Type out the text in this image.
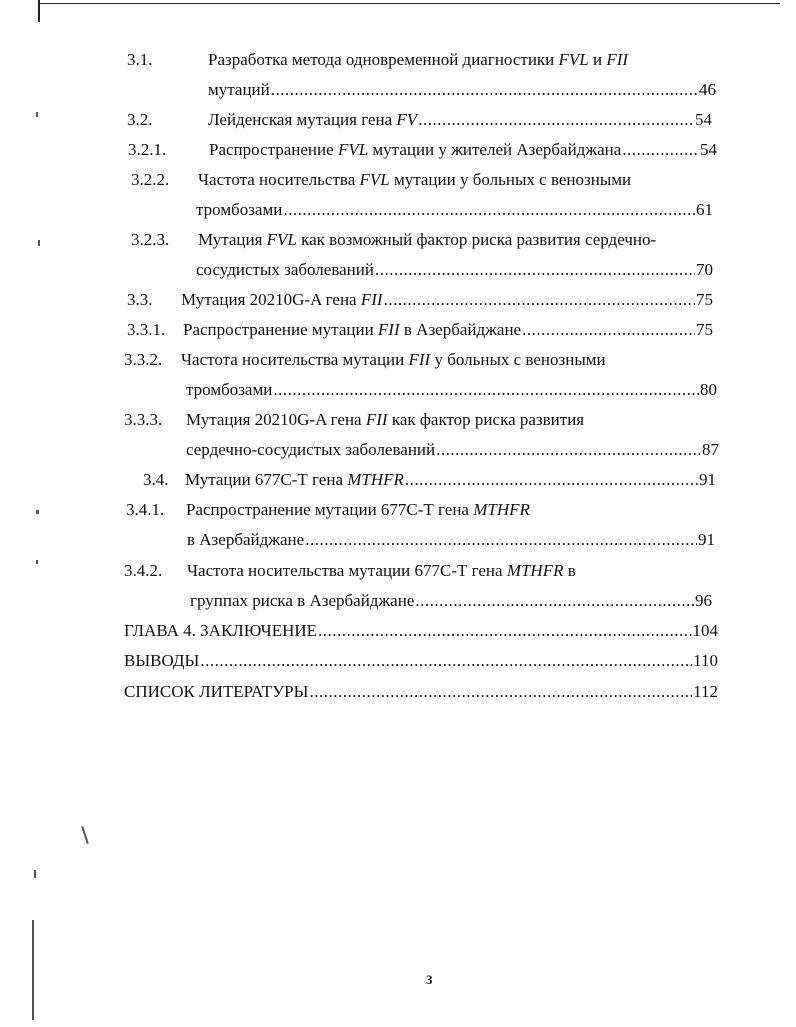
3.1.	Разработка метода одновременной диагностики FVL и FII
мутаций .....	46
3.2.	Лейденская мутация гена FV .....	54
3.2.1.	Распространение FVL мутации у жителей Азербайджана .....	54
3.2.2. Частота носительства FVL мутации у больных с венозными
тромбозами .....	61
3.2.3. Мутация FVL как возможный фактор риска развития сердечно-
сосудистых заболеваний .....	70
3.3. Мутация 20210G-A гена FII .....	75
3.3.1. Распространение мутации FII в Азербайджане .....	75
3.3.2. Частота носительства мутации FII у больных с венозными
тромбозами .....	80
3.3.3. Мутация 20210G-A гена FII как фактор риска развития
сердечно-сосудистых заболеваний .....	87
3.4. Мутации 677С-Т гена MTHFR .....	91
3.4.1. Распространение мутации 677С-Т гена MTHFR
в Азербайджане .....	91
3.4.2. Частота носительства мутации 677С-Т гена MTHFR в
группах риска в Азербайджане .....	96
ГЛАВА 4. ЗАКЛЮЧЕНИЕ .....	104
ВЫВОДЫ .....	110
СПИСОК ЛИТЕРАТУРЫ .....	112
3
